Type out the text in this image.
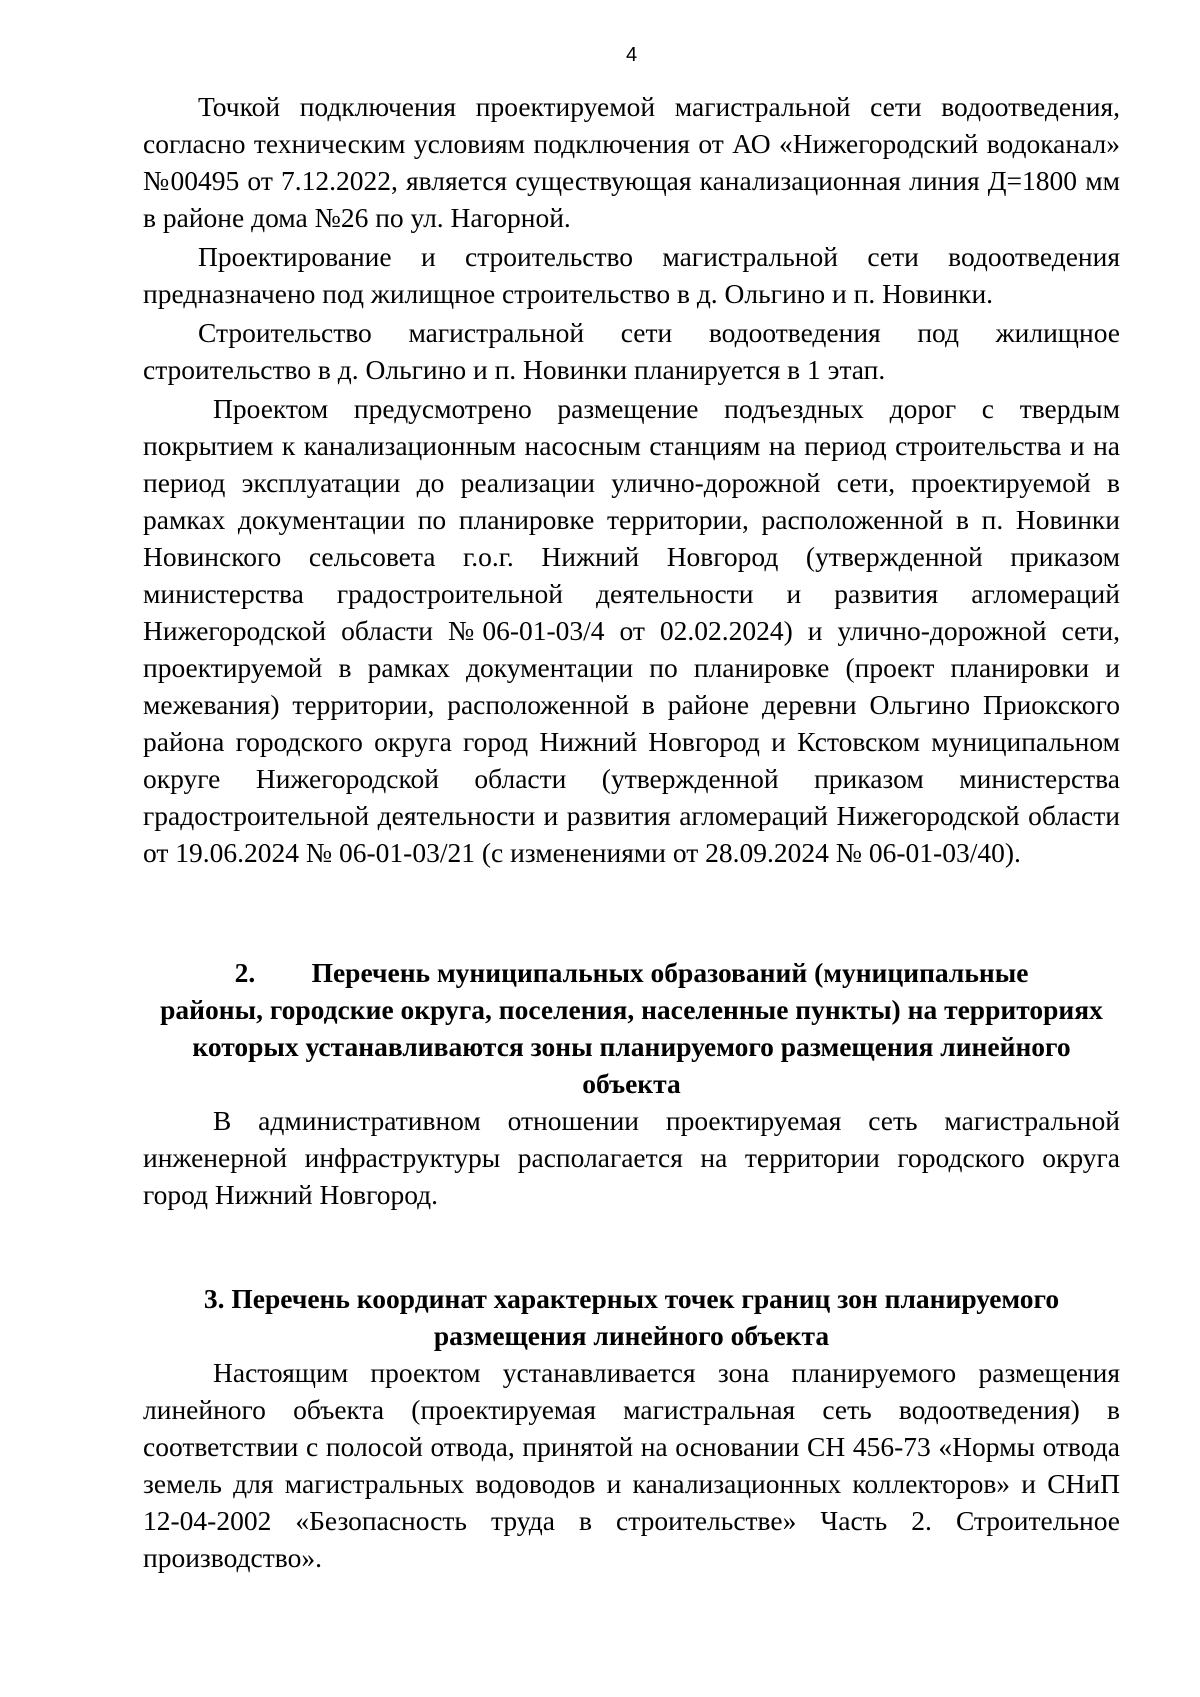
4

Точкой подключения проектируемой магистральной сети водоотведения, согласно техническим условиям подключения от АО «Нижегородский водоканал» №00495 от 7.12.2022, является существующая канализационная линия Д=1800 мм в районе дома №26 по ул. Нагорной.

Проектирование и строительство магистральной сети водоотведения предназначено под жилищное строительство в д. Ольгино и п. Новинки.

Строительство магистральной сети водоотведения под жилищное строительство в д. Ольгино и п. Новинки планируется в 1 этап.

Проектом предусмотрено размещение подъездных дорог с твердым покрытием к канализационным насосным станциям на период строительства и на период эксплуатации до реализации улично-дорожной сети, проектируемой в рамках документации по планировке территории, расположенной в п. Новинки Новинского сельсовета г.о.г. Нижний Новгород (утвержденной приказом министерства градостроительной деятельности и развития агломераций Нижегородской области №06-01-03/4 от 02.02.2024) и улично-дорожной сети, проектируемой в рамках документации по планировке (проект планировки и межевания) территории, расположенной в районе деревни Ольгино Приокского района городского округа город Нижний Новгород и Кстовском муниципальном округе Нижегородской области (утвержденной приказом министерства градостроительной деятельности и развития агломераций Нижегородской области от 19.06.2024 № 06-01-03/21 (с изменениями от 28.09.2024 № 06-01-03/40).

2. Перечень муниципальных образований (муниципальные
районы, городские округа, поселения, населенные пункты) на территориях которых устанавливаются зоны планируемого размещения линейного объекта

В административном отношении проектируемая сеть магистральной инженерной инфраструктуры располагается на территории городского округа город Нижний Новгород.

3. Перечень координат характерных точек границ зон планируемого размещения линейного объекта

Настоящим проектом устанавливается зона планируемого размещения линейного объекта (проектируемая магистральная сеть водоотведения) в соответствии с полосой отвода, принятой на основании СН 456-73 «Нормы отвода земель для магистральных водоводов и канализационных коллекторов» и СНиП 12-04-2002 «Безопасность труда в строительстве» Часть 2. Строительное производство».
